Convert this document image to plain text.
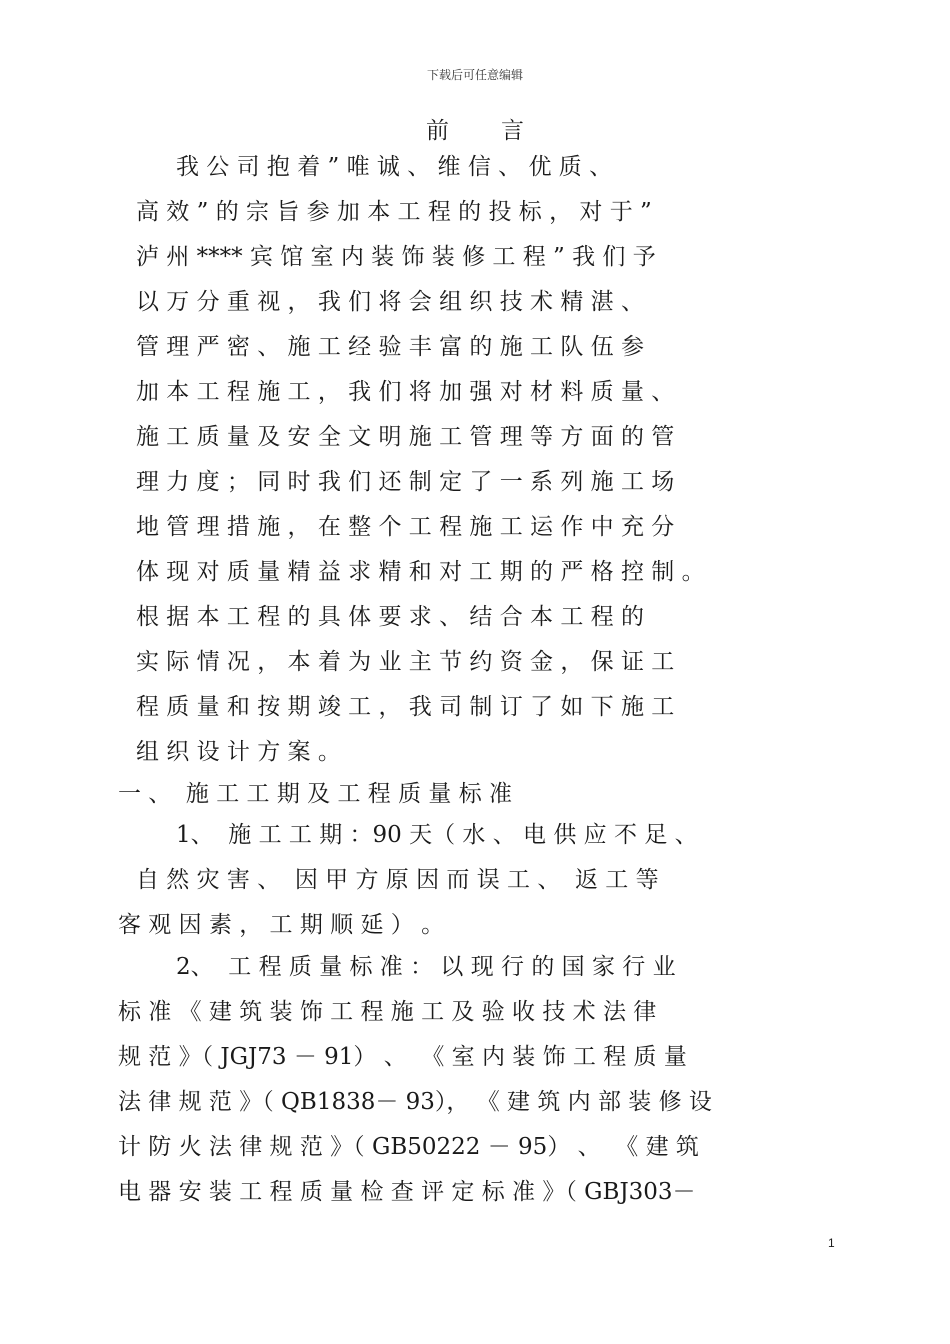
下载后可任意编辑
前言
我 公 司 抱 着 ” 唯 诚 、 维 信 、 优 质 、
高 效 ” 的 宗 旨 参 加 本 工 程 的 投 标 ， 对 于 ”
泸 州 **** 宾 馆 室 内 装 饰 装 修 工 程 ” 我 们 予
以 万 分 重 视 ， 我 们 将 会 组 织 技 术 精 湛 、
管 理 严 密 、 施 工 经 验 丰 富 的 施 工 队 伍 参
加 本 工 程 施 工 ， 我 们 将 加 强 对 材 料 质 量 、
施 工 质 量 及 安 全 文 明 施 工 管 理 等 方 面 的 管
理 力 度 ； 同 时 我 们 还 制 定 了 一 系 列 施 工 场
地 管 理 措 施 ， 在 整 个 工 程 施 工 运 作 中 充 分
体 现 对 质 量 精 益 求 精 和 对 工 期 的 严 格 控 制 。
根 据 本 工 程 的 具 体 要 求 、 结 合 本 工 程 的
实 际 情 况 ， 本 着 为 业 主 节 约 资 金 ， 保 证 工
程 质 量 和 按 期 竣 工 ， 我 司 制 订 了 如 下 施 工
组 织 设 计 方 案 。
一 、  施 工 工 期 及 工 程 质 量 标 准
1、  施 工 工 期 ：90 天（ 水 、 电 供 应 不 足 、
自 然 灾 害 、  因 甲 方 原 因 而 误 工 、  返 工 等
客 观 因 素 ， 工 期 顺 延 ） 。
2、  工 程 质 量 标 准 ： 以 现 行 的 国 家 行 业
标 准 《 建 筑 装 饰 工 程 施 工 及 验 收 技 术 法 律
规 范 》（ JGJ73 － 91） 、  《 室 内 装 饰 工 程 质 量
法 律 规 范 》（ QB1838－ 93）， 《 建 筑 内 部 装 修 设
计 防 火 法 律 规 范 》（ GB50222 － 95） 、  《 建 筑
电 器 安 装 工 程 质 量 检 查 评 定 标 准 》（ GBJ303－
1
